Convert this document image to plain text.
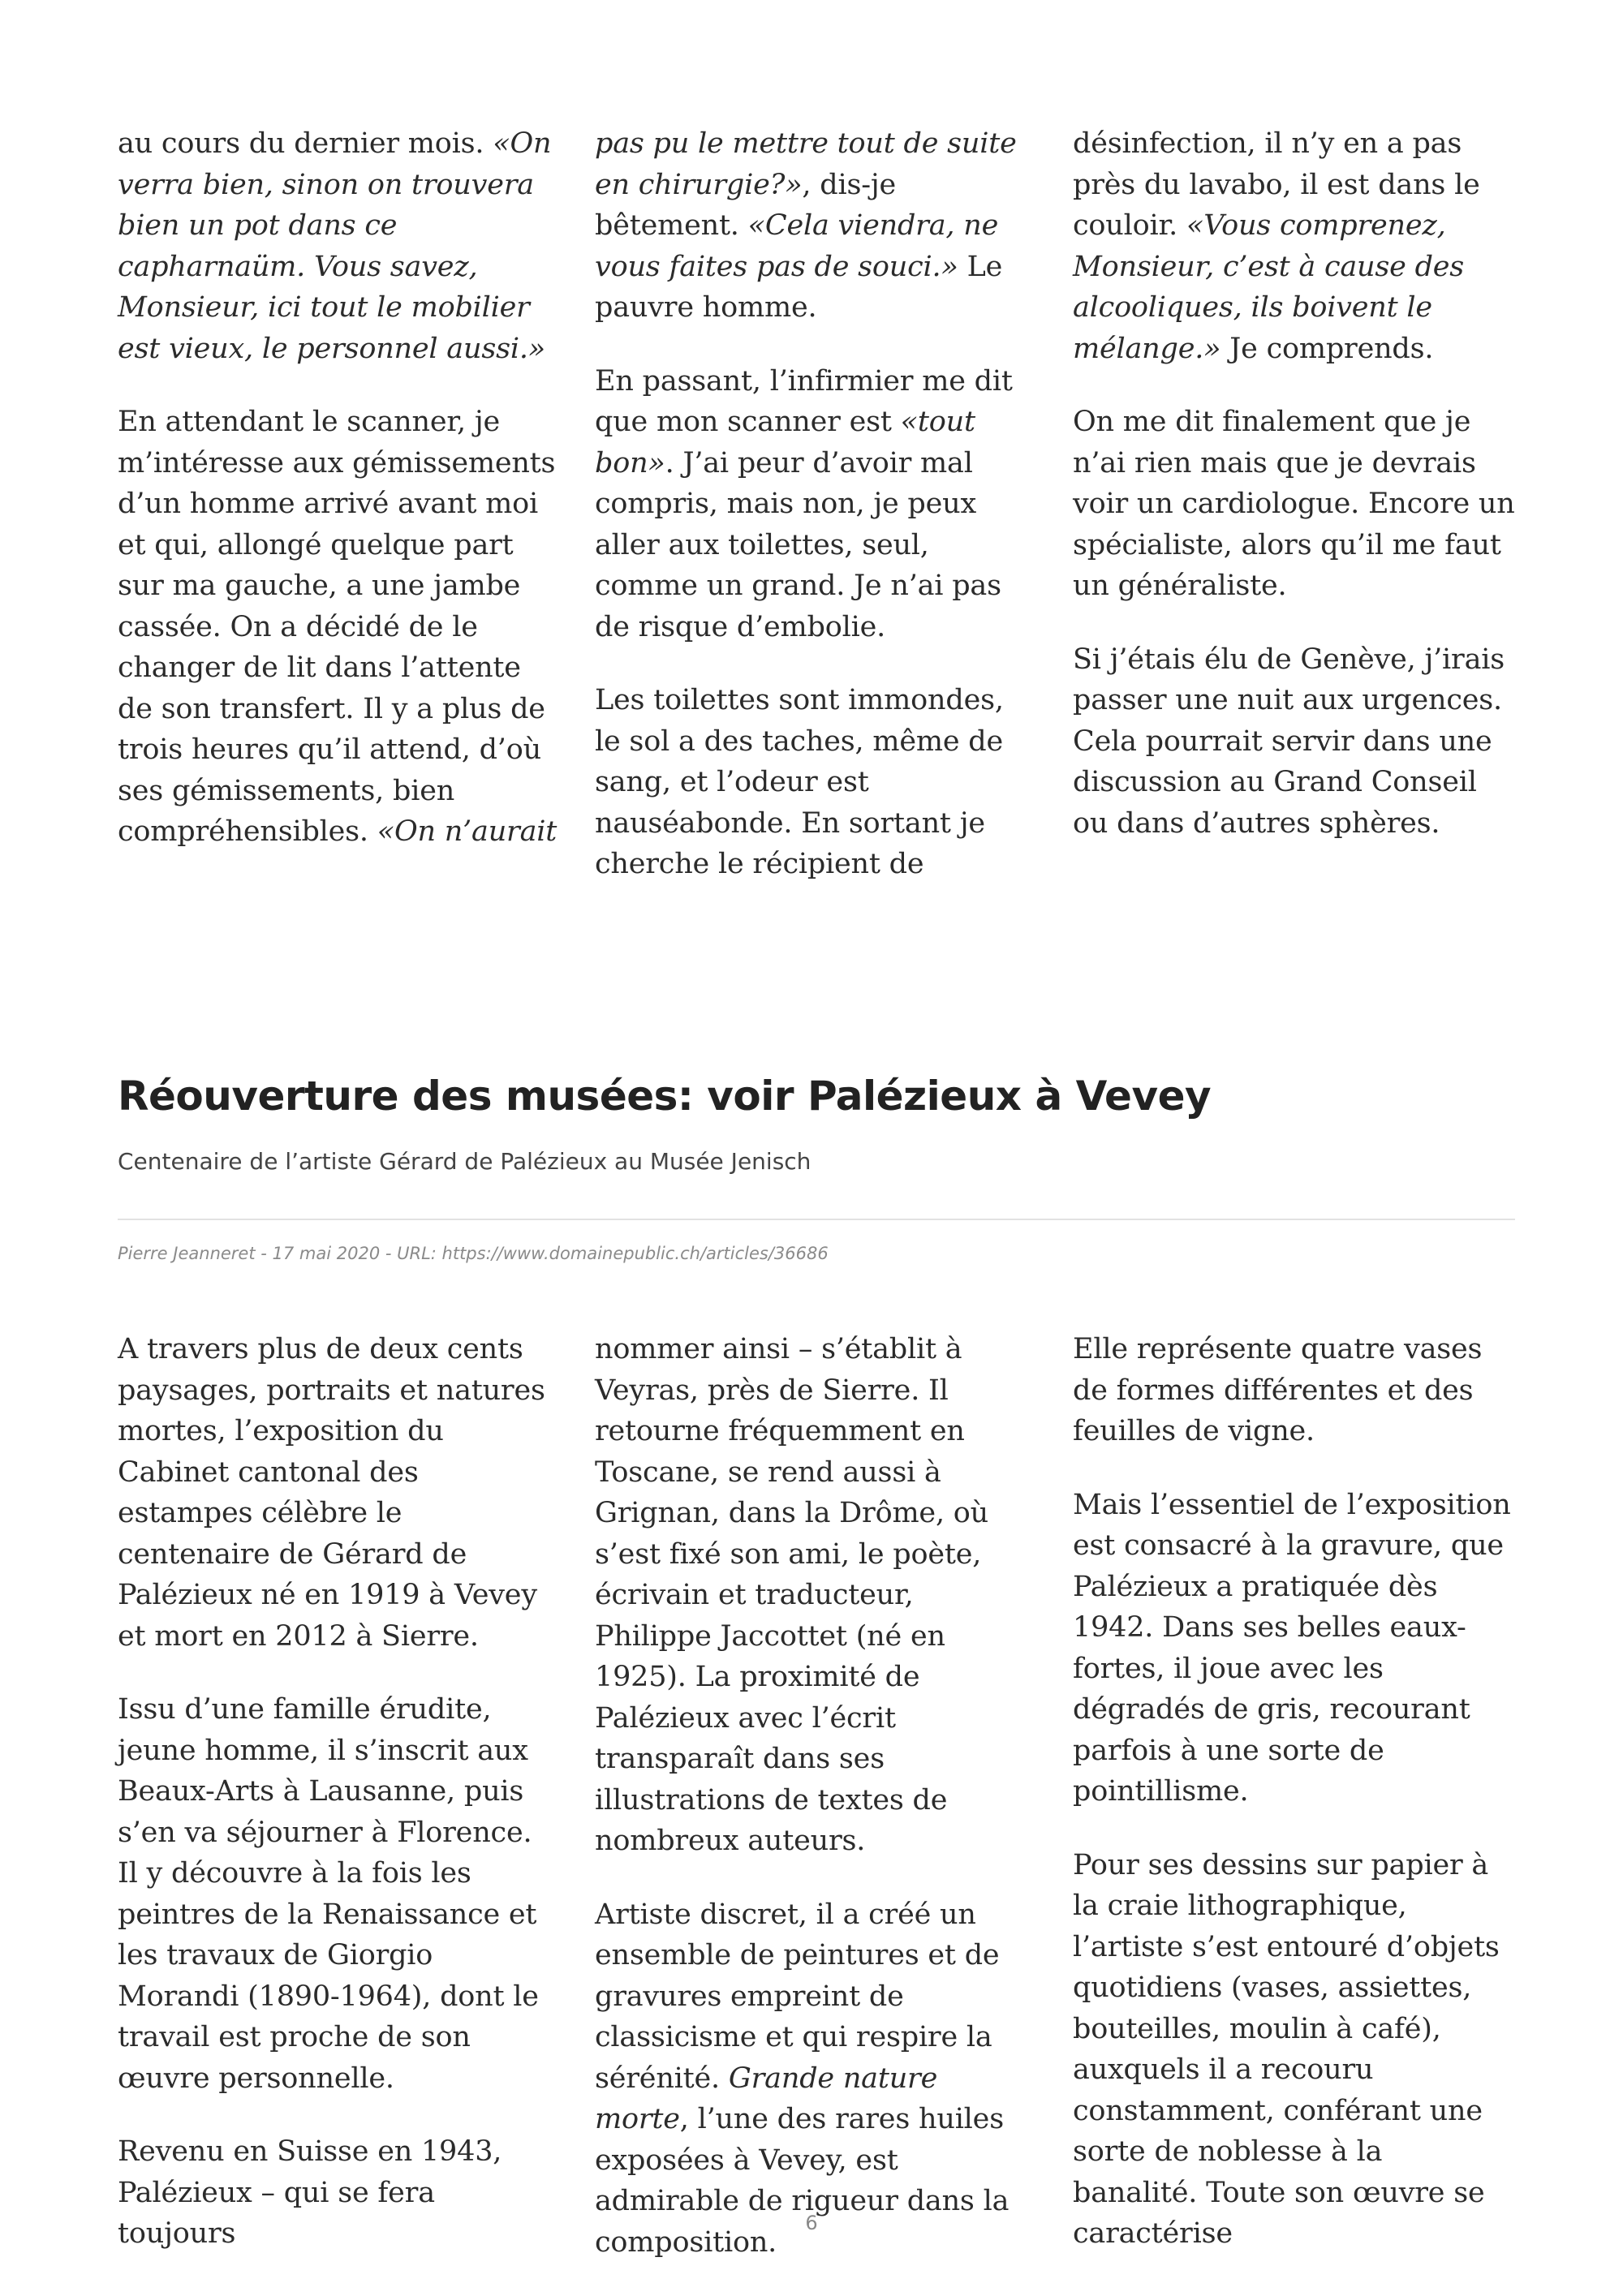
au cours du dernier mois. «On verra bien, sinon on trouvera bien un pot dans ce capharnaüm. Vous savez, Monsieur, ici tout le mobilier est vieux, le personnel aussi.»

En attendant le scanner, je m’intéresse aux gémissements d’un homme arrivé avant moi et qui, allongé quelque part sur ma gauche, a une jambe cassée. On a décidé de le changer de lit dans l’attente de son transfert. Il y a plus de trois heures qu’il attend, d’où ses gémissements, bien compréhensibles. «On n’aurait

pas pu le mettre tout de suite en chirurgie?», dis-je bêtement. «Cela viendra, ne vous faites pas de souci.» Le pauvre homme.

En passant, l’infirmier me dit que mon scanner est «tout bon». J’ai peur d’avoir mal compris, mais non, je peux aller aux toilettes, seul, comme un grand. Je n’ai pas de risque d’embolie.

Les toilettes sont immondes, le sol a des taches, même de sang, et l’odeur est nauséabonde. En sortant je cherche le récipient de

désinfection, il n’y en a pas près du lavabo, il est dans le couloir. «Vous comprenez, Monsieur, c’est à cause des alcooliques, ils boivent le mélange.» Je comprends.

On me dit finalement que je n’ai rien mais que je devrais voir un cardiologue. Encore un spécialiste, alors qu’il me faut un généraliste.

Si j’étais élu de Genève, j’irais passer une nuit aux urgences. Cela pourrait servir dans une discussion au Grand Conseil ou dans d’autres sphères.

Réouverture des musées: voir Palézieux à Vevey

Centenaire de l’artiste Gérard de Palézieux au Musée Jenisch

Pierre Jeanneret - 17 mai 2020 - URL: https://www.domainepublic.ch/articles/36686

A travers plus de deux cents paysages, portraits et natures mortes, l’exposition du Cabinet cantonal des estampes célèbre le centenaire de Gérard de Palézieux né en 1919 à Vevey et mort en 2012 à Sierre.

Issu d’une famille érudite, jeune homme, il s’inscrit aux Beaux-Arts à Lausanne, puis s’en va séjourner à Florence. Il y découvre à la fois les peintres de la Renaissance et les travaux de Giorgio Morandi (1890-1964), dont le travail est proche de son œuvre personnelle.

Revenu en Suisse en 1943, Palézieux – qui se fera toujours

nommer ainsi – s’établit à Veyras, près de Sierre. Il retourne fréquemment en Toscane, se rend aussi à Grignan, dans la Drôme, où s’est fixé son ami, le poète, écrivain et traducteur, Philippe Jaccottet (né en 1925). La proximité de Palézieux avec l’écrit transparaît dans ses illustrations de textes de nombreux auteurs.

Artiste discret, il a créé un ensemble de peintures et de gravures empreint de classicisme et qui respire la sérénité. Grande nature morte, l’une des rares huiles exposées à Vevey, est admirable de rigueur dans la composition.

Elle représente quatre vases de formes différentes et des feuilles de vigne.

Mais l’essentiel de l’exposition est consacré à la gravure, que Palézieux a pratiquée dès 1942. Dans ses belles eaux-fortes, il joue avec les dégradés de gris, recourant parfois à une sorte de pointillisme.

Pour ses dessins sur papier à la craie lithographique, l’artiste s’est entouré d’objets quotidiens (vases, assiettes, bouteilles, moulin à café), auxquels il a recouru constamment, conférant une sorte de noblesse à la banalité. Toute son œuvre se caractérise

6
